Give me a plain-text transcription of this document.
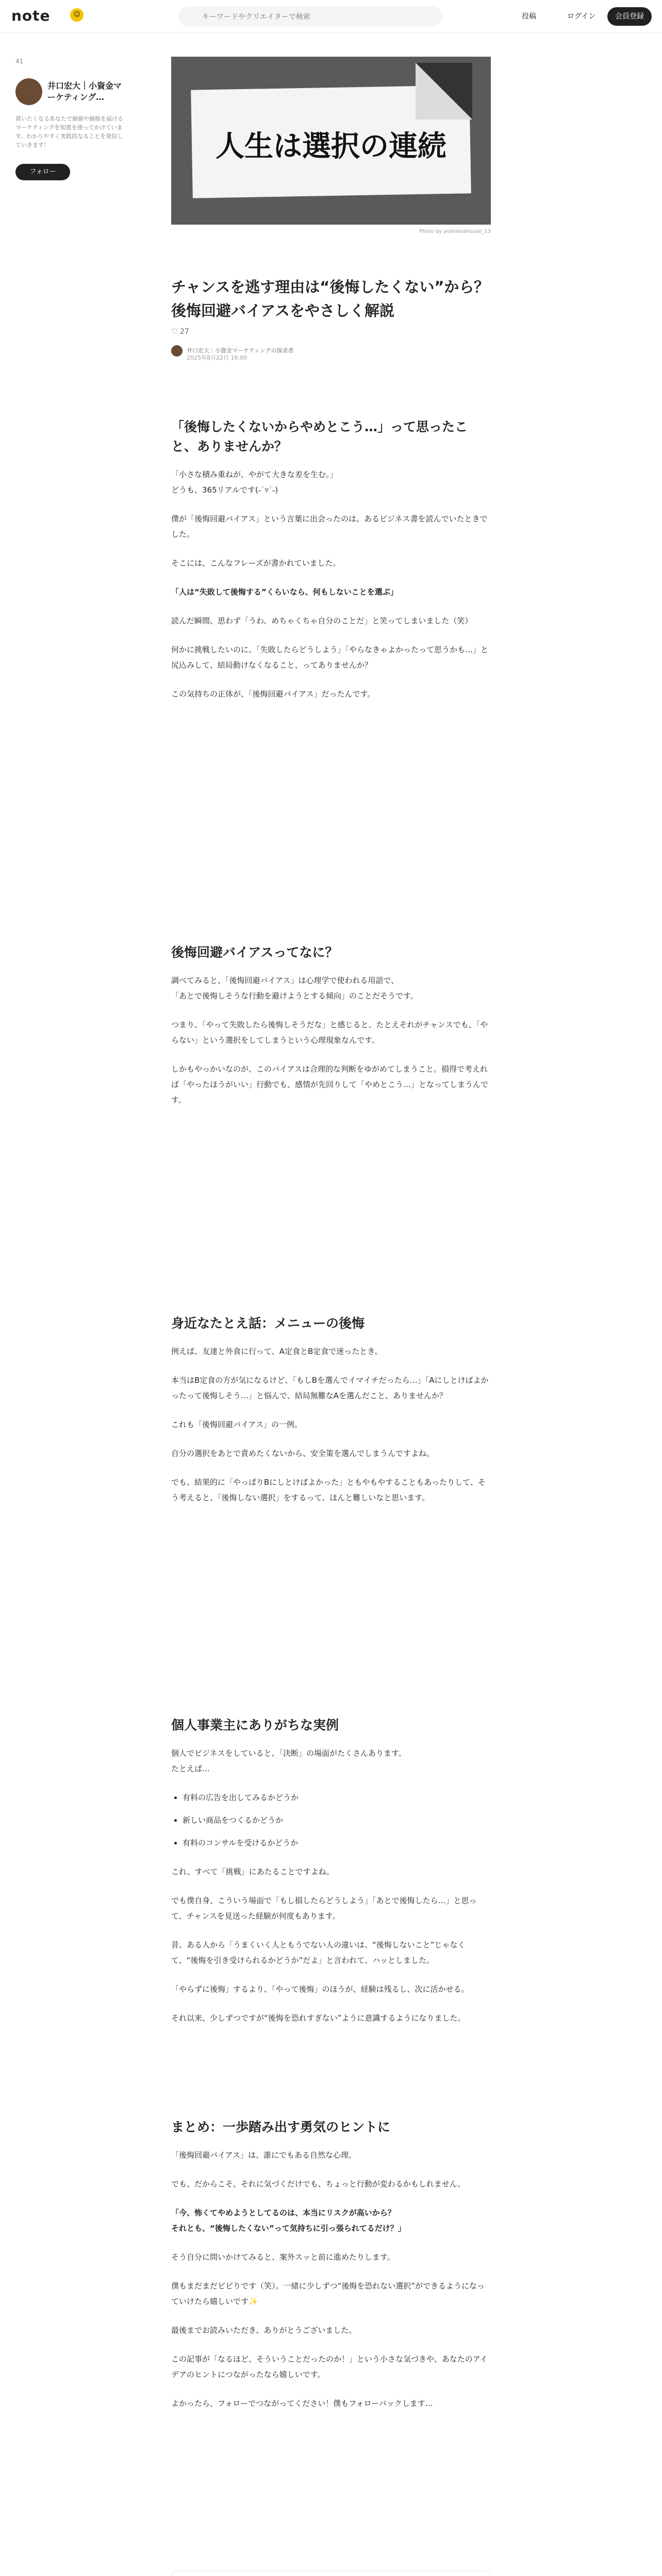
note	☺
キーワードやクリエイターで検索	投稿	ログイン	会員登録
41
井口宏大｜小資金マーケティング…
買いたくなるあなたで価値や価格を届けるマーケティングを知恵を使ってかけています。わかりやすく実践的なることを発信していきます！
フォロー
人生は選択の連続
Photo by yoshiesahouse_13
チャンスを逃す理由は“後悔したくない”から？後悔回避バイアスをやさしく解説
♡ 27
井口宏大｜小資金マーケティングの探求者
2025年8月22日 16:00
「後悔したくないからやめとこう…」って思ったこと、ありませんか？

「小さな積み重ねが、やがて大きな差を生む。」
どうも、365リアルです(˶˙▿˙˶)

僕が「後悔回避バイアス」という言葉に出会ったのは、あるビジネス書を読んでいたときでした。

そこには、こんなフレーズが書かれていました。

「人は“失敗して後悔する”くらいなら、何もしないことを選ぶ」

読んだ瞬間、思わず「うわ、めちゃくちゃ自分のことだ」と笑ってしまいました（笑）

何かに挑戦したいのに、「失敗したらどうしよう」「やらなきゃよかったって思うかも…」と尻込みして、結局動けなくなること、ってありませんか？

この気持ちの正体が、「後悔回避バイアス」だったんです。

後悔回避バイアスってなに？

調べてみると、「後悔回避バイアス」は心理学で使われる用語で、
「あとで後悔しそうな行動を避けようとする傾向」のことだそうです。

つまり、「やって失敗したら後悔しそうだな」と感じると、たとえそれがチャンスでも、「やらない」という選択をしてしまうという心理現象なんです。

しかもやっかいなのが、このバイアスは合理的な判断をゆがめてしまうこと。損得で考えれば「やったほうがいい」行動でも、感情が先回りして「やめとこう…」となってしまうんです。

身近なたとえ話：メニューの後悔

例えば、友達と外食に行って、A定食とB定食で迷ったとき。

本当はB定食の方が気になるけど、「もしBを選んでイマイチだったら…」「Aにしとけばよかったって後悔しそう…」と悩んで、結局無難なAを選んだこと、ありませんか？

これも「後悔回避バイアス」の一例。

自分の選択をあとで責めたくないから、安全策を選んでしまうんですよね。

でも、結果的に「やっぱりBにしとけばよかった」ともやもやすることもあったりして、そう考えると、「後悔しない選択」をするって、ほんと難しいなと思います。

個人事業主にありがちな実例

個人でビジネスをしていると、「決断」の場面がたくさんあります。
たとえば…

• 有料の広告を出してみるかどうか
• 新しい商品をつくるかどうか
• 有料のコンサルを受けるかどうか

これ、すべて「挑戦」にあたることですよね。

でも僕自身、こういう場面で「もし損したらどうしよう」「あとで後悔したら…」と思って、チャンスを見送った経験が何度もあります。

昔、ある人から「うまくいく人ともうでない人の違いは、“後悔しないこと”じゃなくて、“後悔を引き受けられるかどうか”だよ」と言われて、ハッとしました。

「やらずに後悔」するより、「やって後悔」のほうが、経験は残るし、次に活かせる。

それ以来、少しずつですが“後悔を恐れすぎない”ように意識するようになりました。

まとめ：一歩踏み出す勇気のヒントに

「後悔回避バイアス」は、誰にでもある自然な心理。

でも、だからこそ、それに気づくだけでも、ちょっと行動が変わるかもしれません。

「今、怖くてやめようとしてるのは、本当にリスクが高いから？
それとも、“後悔したくない”って気持ちに引っ張られてるだけ？」

そう自分に問いかけてみると、案外スッと前に進めたりします。

僕もまだまだビビりです（笑）。一緒に少しずつ“後悔を恐れない選択”ができるようになっていけたら嬉しいです✨

最後までお読みいただき、ありがとうございました。

この記事が「なるほど、そういうことだったのか！」という小さな気づきや、あなたのアイデアのヒントにつながったなら嬉しいです。

よかったら、フォローでつながってください！僕もフォローバックします…
